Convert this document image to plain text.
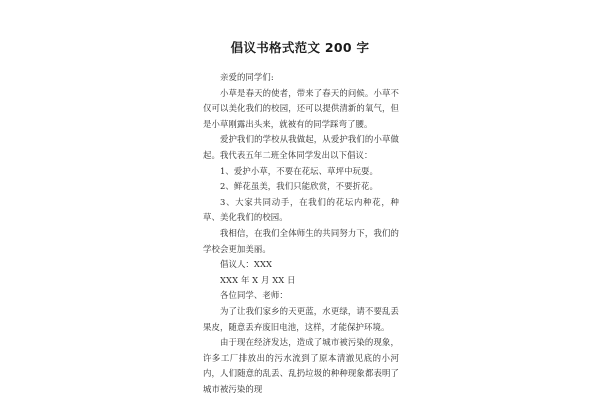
倡议书格式范文 200 字

亲爱的同学们:

小草是春天的使者，带来了春天的问候。小草不仅可以美化我们的校园，还可以提供清新的氧气，但是小草刚露出头来，就被有的同学踩弯了腰。

爱护我们的学校从我做起，从爱护我们的小草做起。我代表五年二班全体同学发出以下倡议：

1、爱护小草，不要在花坛、草坪中玩耍。

2、鲜花虽美，我们只能欣赏，不要折花。

3、大家共同动手，在我们的花坛内种花，种草、美化我们的校园。

我相信，在我们全体师生的共同努力下，我们的学校会更加美丽。

倡议人：XXX

XXX 年 X 月 XX 日

各位同学、老师：

为了让我们家乡的天更蓝，水更绿，请不要乱丢果皮，随意丢弃废旧电池，这样，才能保护环境。

由于现在经济发达，造成了城市被污染的现象，许多工厂排放出的污水流到了原本清澈见底的小河内，人们随意的乱丢、乱扔垃圾的种种现象都表明了城市被污染的现
